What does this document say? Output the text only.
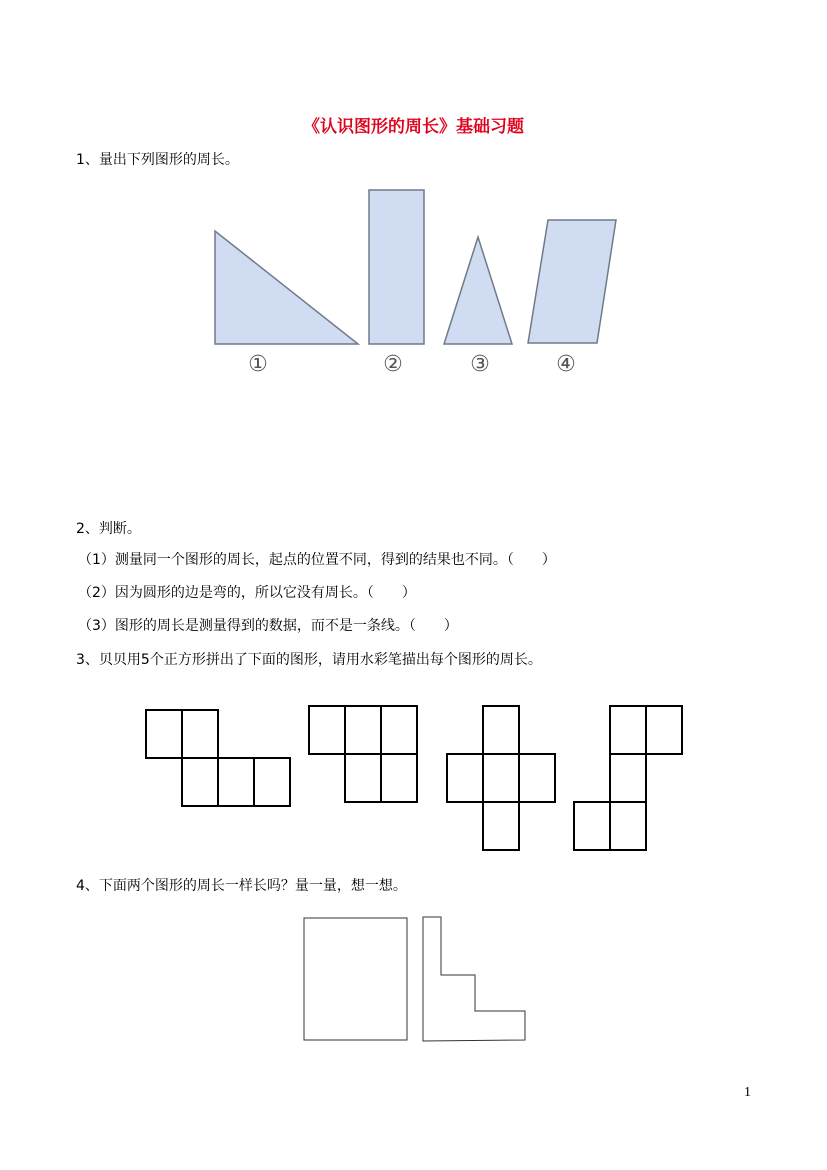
《认识图形的周长》基础习题
1、量出下列图形的周长。
①	②	③	④
2、判断。
（1）测量同一个图形的周长，起点的位置不同，得到的结果也不同。（　　）
（2）因为圆形的边是弯的，所以它没有周长。（　　）
（3）图形的周长是测量得到的数据，而不是一条线。（　　）
3、贝贝用5个正方形拼出了下面的图形，请用水彩笔描出每个图形的周长。
4、下面两个图形的周长一样长吗？量一量，想一想。
1
